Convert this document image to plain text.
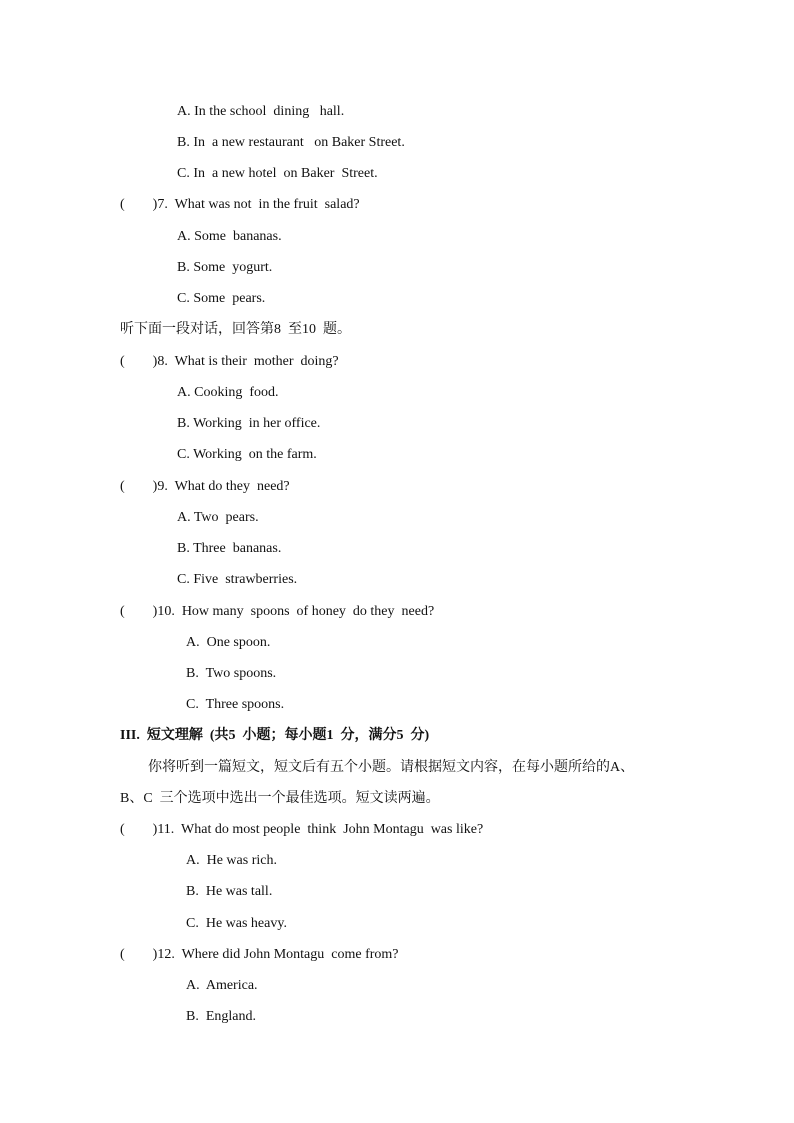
A. In the school  dining   hall.
B. In  a new restaurant   on Baker Street.
C. In  a new hotel  on Baker  Street.
(        )7.  What was not  in the fruit  salad?
A. Some  bananas.
B. Some  yogurt.
C. Some  pears.
听下面一段对话，回答第8  至10  题。
(        )8.  What is their  mother  doing?
A. Cooking  food.
B. Working  in her office.
C. Working  on the farm.
(        )9.  What do they  need?
A. Two  pears.
B. Three  bananas.
C. Five  strawberries.
(        )10.  How many  spoons  of honey  do they  need?
A.  One spoon.
B.  Two spoons.
C.  Three spoons.
III.  短文理解  (共5  小题；每小题1  分，满分5  分)
你将听到一篇短文，短文后有五个小题。请根据短文内容，在每小题所给的A、
B、C  三个选项中选出一个最佳选项。短文读两遍。
(        )11.  What do most people  think  John Montagu  was like?
A.  He was rich.
B.  He was tall.
C.  He was heavy.
(        )12.  Where did John Montagu  come from?
A.  America.
B.  England.
